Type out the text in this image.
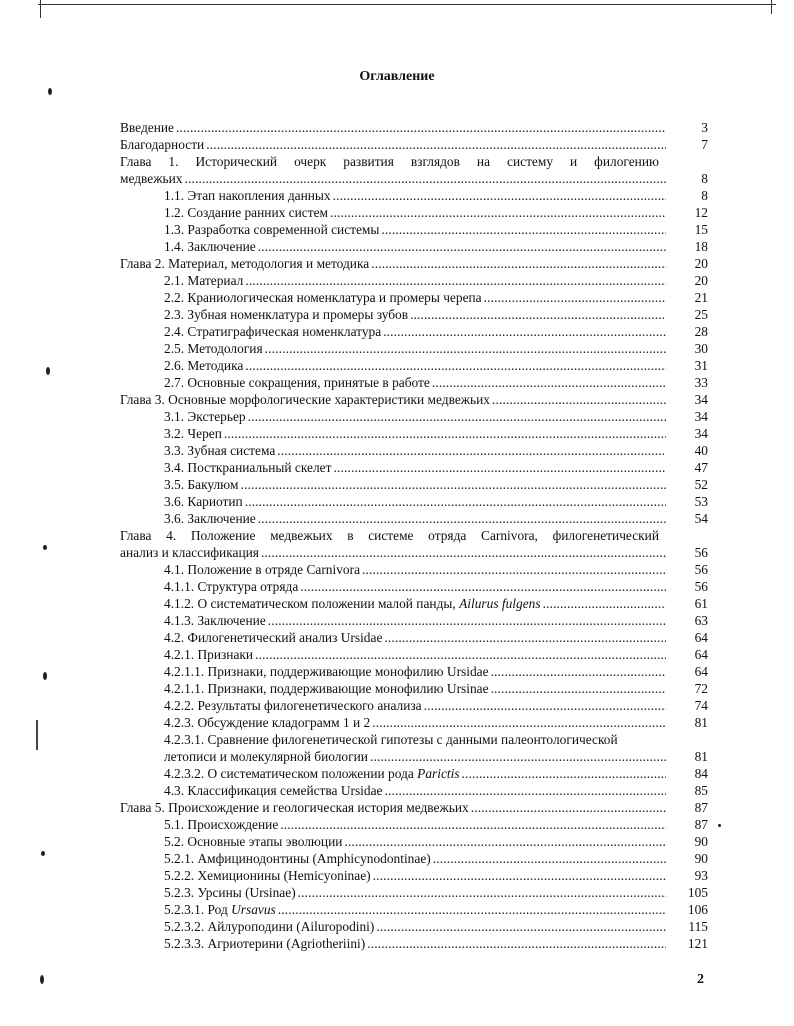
Оглавление
Введение . . .	3
Благодарности . . .	7
Глава 1. Исторический очерк развития взглядов на систему и филогению
медвежьих . . .	8
1.1. Этап накопления данных . . .	8
1.2. Создание ранних систем . . .	12
1.3. Разработка современной системы . . .	15
1.4. Заключение . . .	18
Глава 2. Материал, методология и методика . . .	20
2.1. Материал . . .	20
2.2. Краниологическая номенклатура и промеры черепа . . .	21
2.3. Зубная номенклатура и промеры зубов . . .	25
2.4. Стратиграфическая номенклатура . . .	28
2.5. Методология . . .	30
2.6. Методика . . .	31
2.7. Основные сокращения, принятые в работе . . .	33
Глава 3. Основные морфологические характеристики медвежьих . . .	34
3.1. Экстерьер . . .	34
3.2. Череп . . .	34
3.3. Зубная система . . .	40
3.4. Посткраниальный скелет . . .	47
3.5. Бакулюм . . .	52
3.6. Кариотип . . .	53
3.6. Заключение . . .	54
Глава 4. Положение медвежьих в системе отряда Carnivora, филогенетический
анализ и классификация . . .	56
4.1. Положение в отряде Carnivora . . .	56
4.1.1. Структура отряда . . .	56
4.1.2. О систематическом положении малой панды, Ailurus fulgens . . .	61
4.1.3. Заключение . . .	63
4.2. Филогенетический анализ Ursidae . . .	64
4.2.1. Признаки . . .	64
4.2.1.1. Признаки, поддерживающие монофилию Ursidae . . .	64
4.2.1.1. Признаки, поддерживающие монофилию Ursinae . . .	72
4.2.2. Результаты филогенетического анализа . . .	74
4.2.3. Обсуждение кладограмм 1 и 2 . . .	81
4.2.3.1. Сравнение филогенетической гипотезы с данными палеонтологической
летописи и молекулярной биологии . . .	81
4.2.3.2. О систематическом положении рода Parictis . . .	84
4.3. Классификация семейства Ursidae . . .	85
Глава 5. Происхождение и геологическая история медвежьих . . .	87
5.1. Происхождение . . .	87
5.2. Основные этапы эволюции . . .	90
5.2.1. Амфицинодонтины (Amphicynodontinae) . . .	90
5.2.2. Хемиционины (Hemicyoninae) . . .	93
5.2.3. Урсины (Ursinae) . . .	105
5.2.3.1. Род Ursavus . . .	106
5.2.3.2. Айлуроподини (Ailuropodini) . . .	115
5.2.3.3. Агриотерини (Agriotheriini) . . .	121
2
